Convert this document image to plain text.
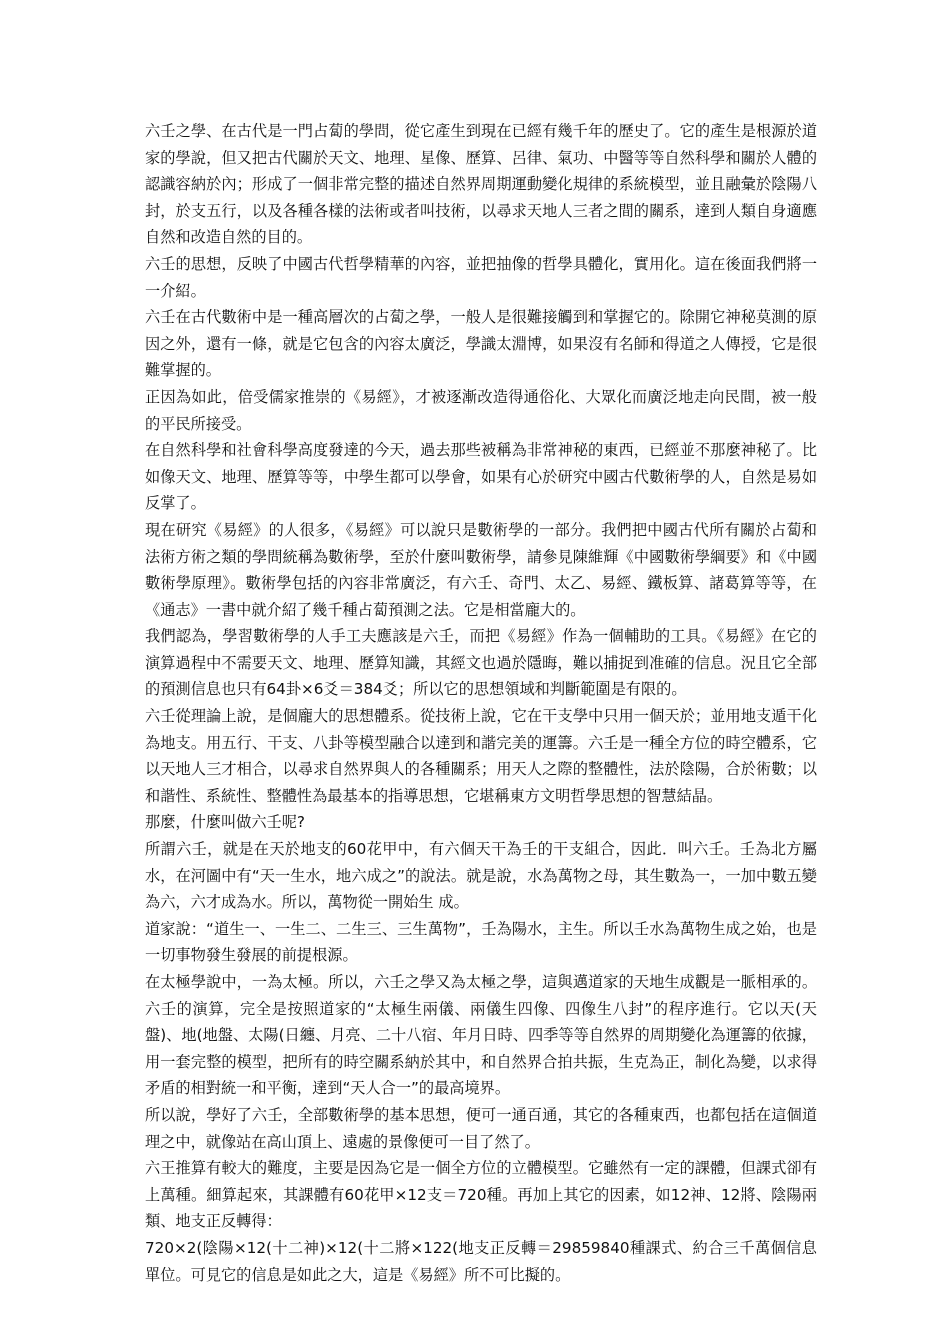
六壬之學、在古代是一門占蔔的學問，從它產生到現在已經有幾千年的歷史了。它的產生是根源於道家的學說，但又把古代關於天文、地理、星像、歷算、呂律、氣功、中醫等等自然科學和關於人體的認識容納於內；形成了一個非常完整的描述自然界周期運動變化規律的系統模型，並且融彙於陰陽八封，於支五行，以及各種各樣的法術或者叫技術，以尋求天地人三者之間的關系，達到人類自身適應自然和改造自然的目的。

六壬的思想，反映了中國古代哲學精華的內容，並把抽像的哲學具體化，實用化。這在後面我們將一一介紹。

六壬在古代數術中是一種高層次的占蔔之學，一般人是很難接觸到和掌握它的。除開它神秘莫測的原因之外，還有一條，就是它包含的內容太廣泛，學識太淵博，如果沒有名師和得道之人傳授，它是很難掌握的。

正因為如此，倍受儒家推崇的《易經》，才被逐漸改造得通俗化、大眾化而廣泛地走向民間，被一般的平民所接受。

在自然科學和社會科學高度發達的今天，過去那些被稱為非常神秘的東西，已經並不那麼神秘了。比如像天文、地理、歷算等等，中學生都可以學會，如果有心於研究中國古代數術學的人，自然是易如反掌了。

現在研究《易經》的人很多，《易經》可以說只是數術學的一部分。我們把中國古代所有關於占蔔和法術方術之類的學問統稱為數術學，至於什麼叫數術學，請參見陳維輝《中國數術學綱要》和《中國數術學原理》。數術學包括的內容非常廣泛，有六壬、奇門、太乙、易經、鐵板算、諸葛算等等，在《通志》一書中就介紹了幾千種占蔔預測之法。它是相當龐大的。

我們認為，學習數術學的人手工夫應該是六壬，而把《易經》作為一個輔助的工具。《易經》在它的演算過程中不需要天文、地理、歷算知識，其經文也過於隱晦，難以捕捉到准確的信息。況且它全部的預測信息也只有64卦×6爻＝384爻；所以它的思想領域和判斷範圍是有限的。

六壬從理論上說，是個龐大的思想體系。從技術上說，它在干支學中只用一個天於；並用地支遁干化為地支。用五行、干支、八卦等模型融合以達到和諧完美的運籌。六壬是一種全方位的時空體系，它以天地人三才相合，以尋求自然界與人的各種關系；用天人之際的整體性，法於陰陽，合於術數；以和諧性、系統性、整體性為最基本的指導思想，它堪稱東方文明哲學思想的智慧結晶。

那麼，什麼叫做六壬呢?

所謂六壬，就是在天於地支的60花甲中，有六個天干為壬的干支組合，因此．叫六壬。壬為北方屬水，在河圖中有“天一生水，地六成之”的說法。就是說，水為萬物之母，其生數為一，一加中數五變為六，六才成為水。所以，萬物從一開始生 成。

道家說：“道生一、一生二、二生三、三生萬物”，壬為陽水，主生。所以壬水為萬物生成之始，也是一切事物發生發展的前提根源。

在太極學說中，一為太極。所以，六壬之學又為太極之學，這與邁道家的天地生成觀是一脈相承的。六壬的演算，完全是按照道家的“太極生兩儀、兩儀生四像、四像生八封”的程序進行。它以天(天盤)、地(地盤、太陽(日纏、月亮、二十八宿、年月日時、四季等等自然界的周期變化為運籌的依據，用一套完整的模型，把所有的時空關系納於其中，和自然界合拍共振，生克為正，制化為變，以求得矛盾的相對統一和平衡，達到“天人合一”的最高境界。

所以說，學好了六壬，全部數術學的基本思想，便可一通百通，其它的各種東西，也都包括在這個道理之中，就像站在高山頂上、遠處的景像便可一目了然了。

六王推算有較大的難度，主要是因為它是一個全方位的立體模型。它雖然有一定的課體，但課式卻有上萬種。細算起來，其課體有60花甲×12支＝720種。再加上其它的因素，如12神、12將、陰陽兩類、地支正反轉得：

720×2(陰陽×12(十二神)×12(十二將×122(地支正反轉＝29859840種課式、約合三千萬個信息單位。可見它的信息是如此之大，這是《易經》所不可比擬的。
